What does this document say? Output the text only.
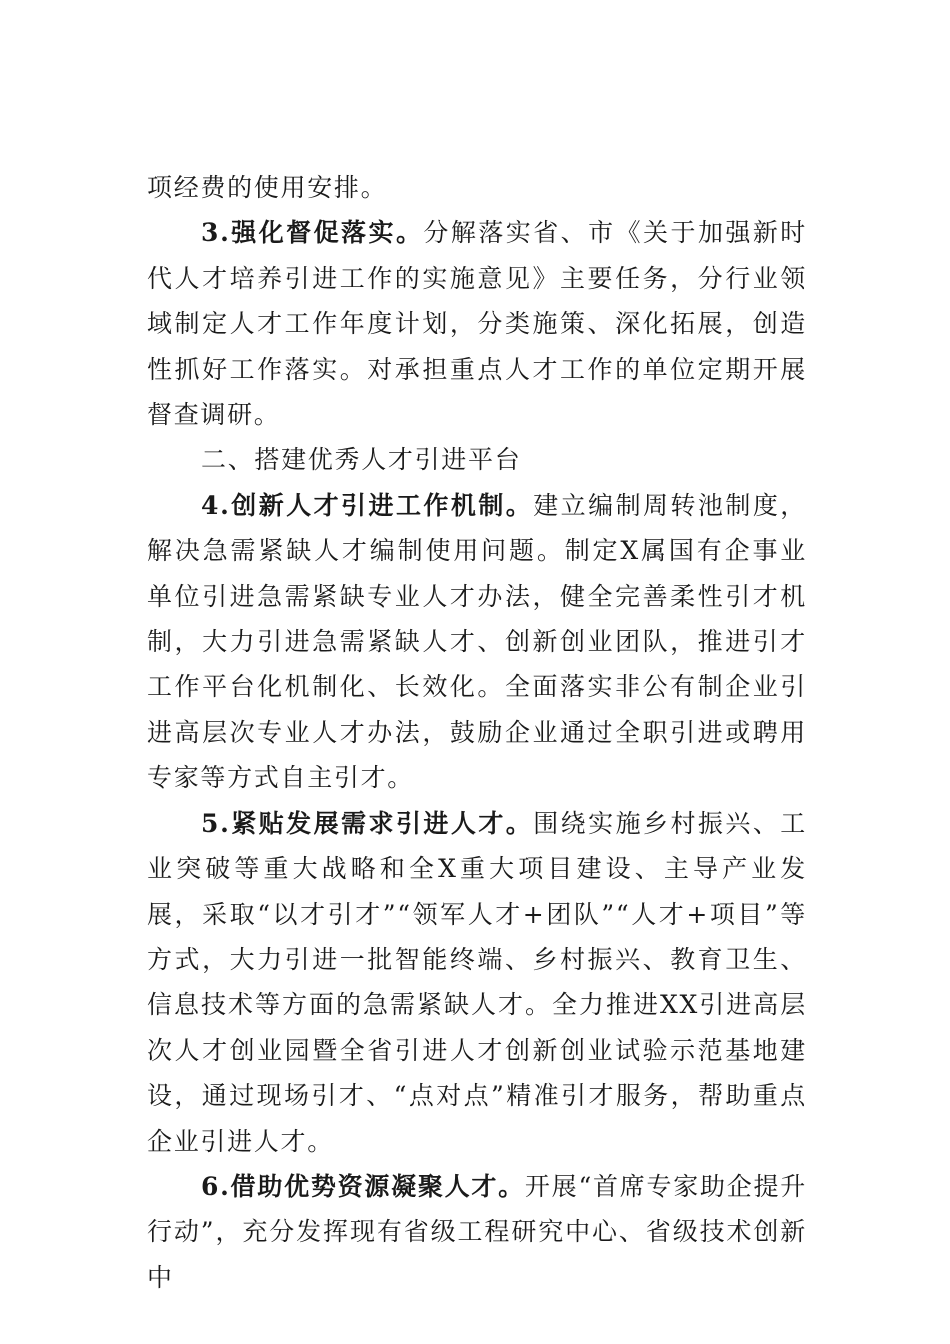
项经费的使用安排。

3.强化督促落实。分解落实省、市《关于加强新时代人才培养引进工作的实施意见》主要任务，分行业领域制定人才工作年度计划，分类施策、深化拓展，创造性抓好工作落实。对承担重点人才工作的单位定期开展督查调研。

二、搭建优秀人才引进平台

4.创新人才引进工作机制。建立编制周转池制度，解决急需紧缺人才编制使用问题。制定X属国有企事业单位引进急需紧缺专业人才办法，健全完善柔性引才机制，大力引进急需紧缺人才、创新创业团队，推进引才工作平台化机制化、长效化。全面落实非公有制企业引进高层次专业人才办法，鼓励企业通过全职引进或聘用专家等方式自主引才。

5.紧贴发展需求引进人才。围绕实施乡村振兴、工业突破等重大战略和全X重大项目建设、主导产业发展，采取“以才引才”“领军人才+团队”“人才+项目”等方式，大力引进一批智能终端、乡村振兴、教育卫生、信息技术等方面的急需紧缺人才。全力推进XX引进高层次人才创业园暨全省引进人才创新创业试验示范基地建设，通过现场引才、“点对点”精准引才服务，帮助重点企业引进人才。

6.借助优势资源凝聚人才。开展“首席专家助企提升行动”，充分发挥现有省级工程研究中心、省级技术创新中
